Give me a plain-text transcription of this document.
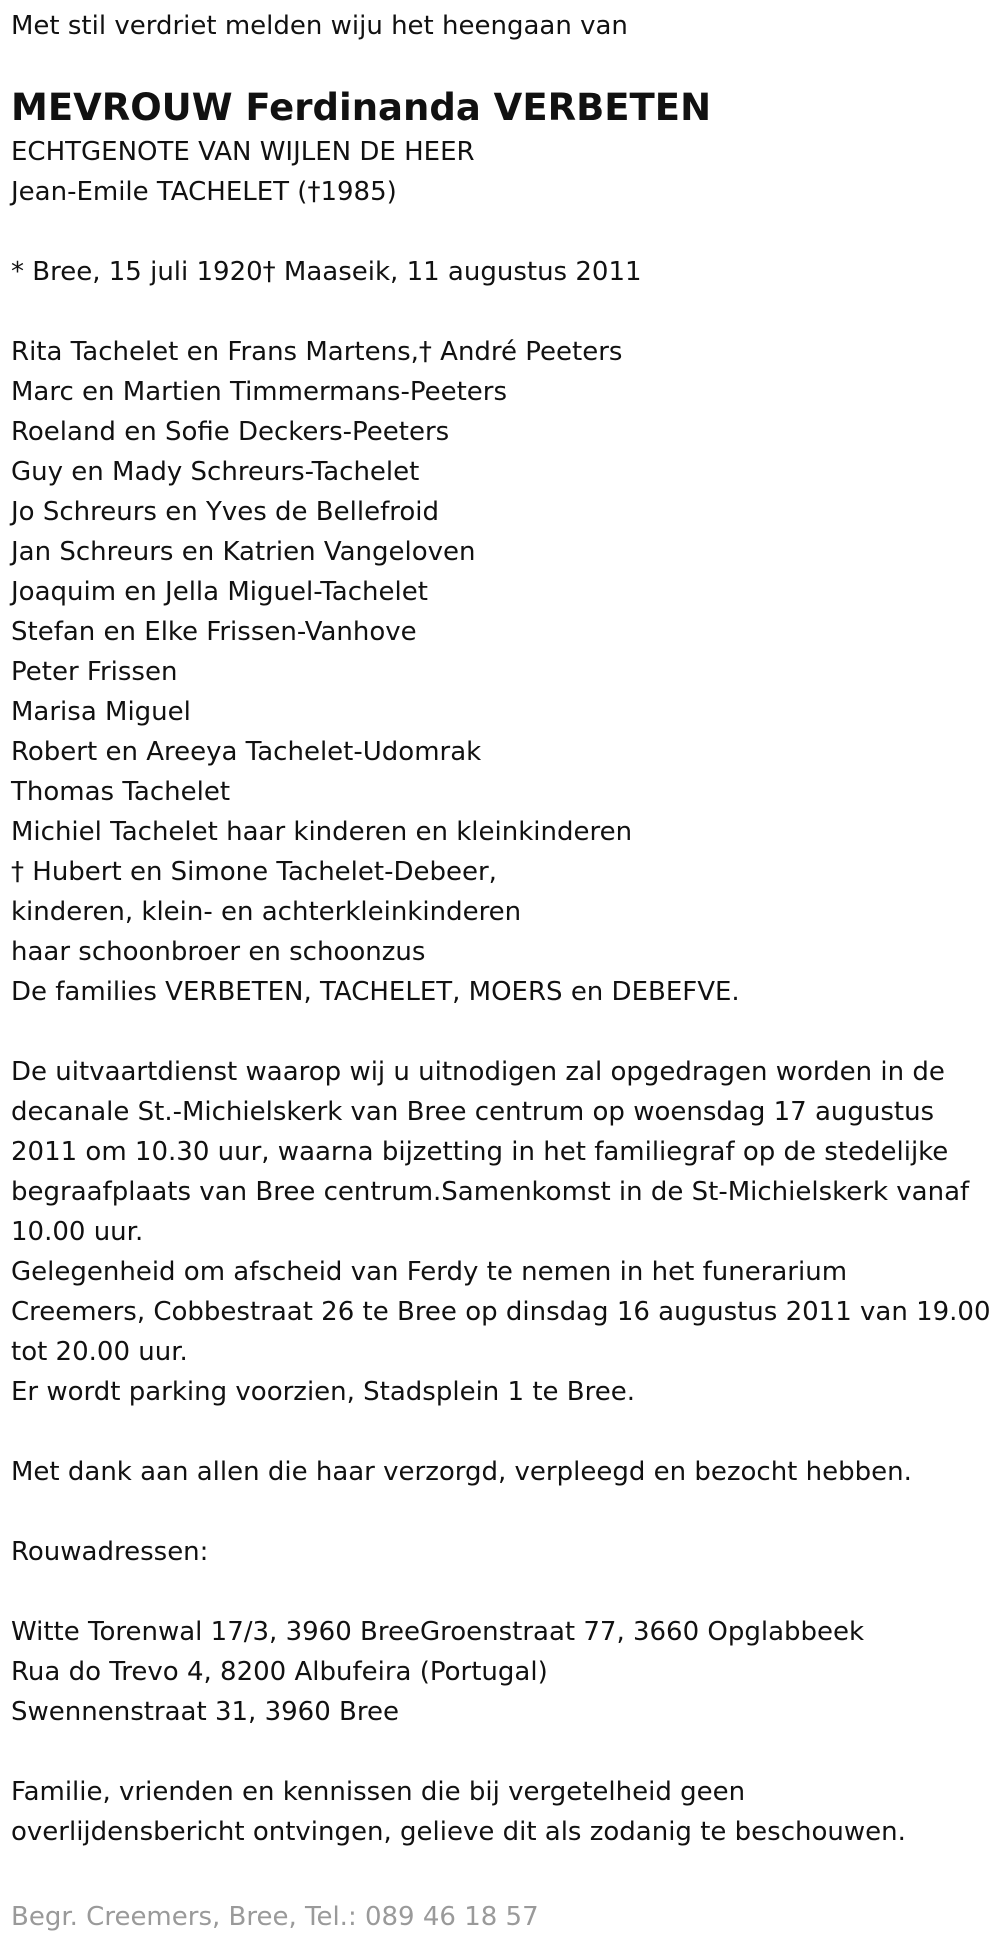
Met stil verdriet melden wiju het heengaan van
MEVROUW Ferdinanda VERBETEN
ECHTGENOTE VAN WIJLEN DE HEER
Jean-Emile TACHELET (†1985)
* Bree, 15 juli 1920† Maaseik, 11 augustus 2011
Rita Tachelet en Frans Martens,† André Peeters
Marc en Martien Timmermans-Peeters
Roeland en Sofie Deckers-Peeters
Guy en Mady Schreurs-Tachelet
Jo Schreurs en Yves de Bellefroid
Jan Schreurs en Katrien Vangeloven
Joaquim en Jella Miguel-Tachelet
Stefan en Elke Frissen-Vanhove
Peter Frissen
Marisa Miguel
Robert en Areeya Tachelet-Udomrak
Thomas Tachelet
Michiel Tachelet haar kinderen en kleinkinderen
† Hubert en Simone Tachelet-Debeer,
kinderen, klein- en achterkleinkinderen
haar schoonbroer en schoonzus
De families VERBETEN, TACHELET, MOERS en DEBEFVE.
De uitvaartdienst waarop wij u uitnodigen zal opgedragen worden in de
decanale St.-Michielskerk van Bree centrum op woensdag 17 augustus
2011 om 10.30 uur, waarna bijzetting in het familiegraf op de stedelijke
begraafplaats van Bree centrum.Samenkomst in de St-Michielskerk vanaf
10.00 uur.
Gelegenheid om afscheid van Ferdy te nemen in het funerarium
Creemers, Cobbestraat 26 te Bree op dinsdag 16 augustus 2011 van 19.00
tot 20.00 uur.
Er wordt parking voorzien, Stadsplein 1 te Bree.
Met dank aan allen die haar verzorgd, verpleegd en bezocht hebben.
Rouwadressen:
Witte Torenwal 17/3, 3960 BreeGroenstraat 77, 3660 Opglabbeek
Rua do Trevo 4, 8200 Albufeira (Portugal)
Swennenstraat 31, 3960 Bree
Familie, vrienden en kennissen die bij vergetelheid geen
overlijdensbericht ontvingen, gelieve dit als zodanig te beschouwen.
Begr. Creemers, Bree, Tel.: 089 46 18 57
